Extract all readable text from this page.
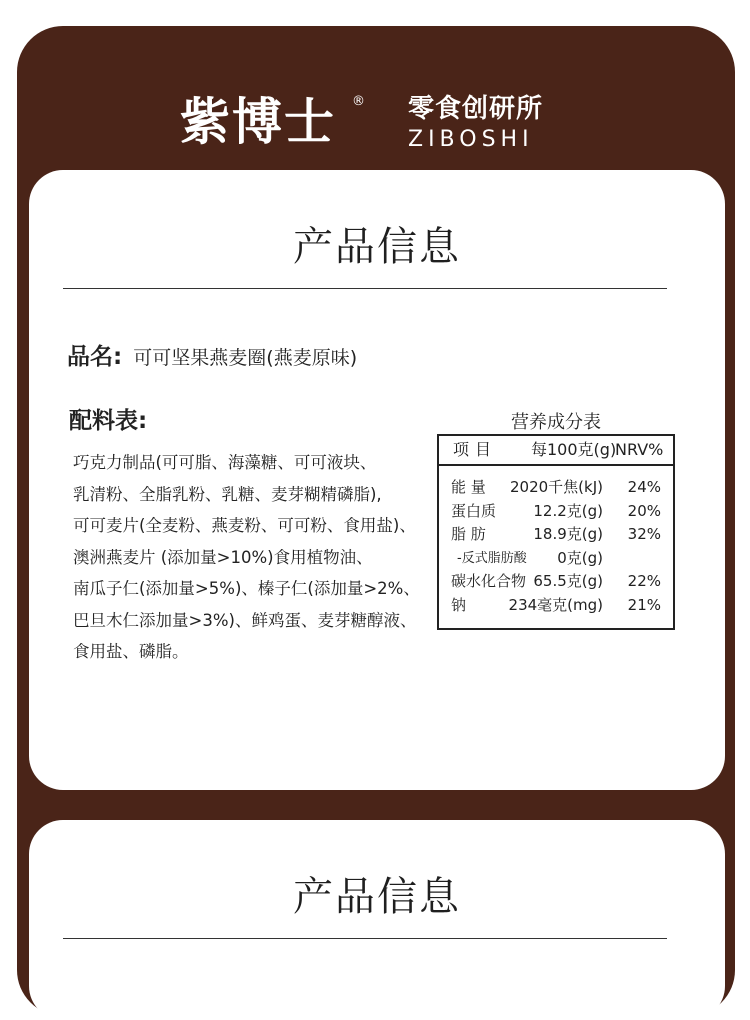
紫博士 ® 零食创研所
ZIBOSHI
产品信息
品名: 可可坚果燕麦圈(燕麦原味)
配料表:
巧克力制品(可可脂、海藻糖、可可液块、
乳清粉、全脂乳粉、乳糖、麦芽糊精磷脂),
可可麦片(全麦粉、燕麦粉、可可粉、食用盐)、
澳洲燕麦片 (添加量>10%)食用植物油、
南瓜子仁(添加量>5%)、榛子仁(添加量>2%、
巴旦木仁添加量>3%)、鲜鸡蛋、麦芽糖醇液、
食用盐、磷脂。
营养成分表
项目 每100克(g)
NRV%
能 量 2020千焦(kJ) 24%
蛋白质 12.2克(g) 20%
脂 肪	18.9克(g) 32%
-反式脂肪酸 0克(g)
碳水化合物 65.5克(g) 22%
钠	234毫克(mg) 21%
产品信息
